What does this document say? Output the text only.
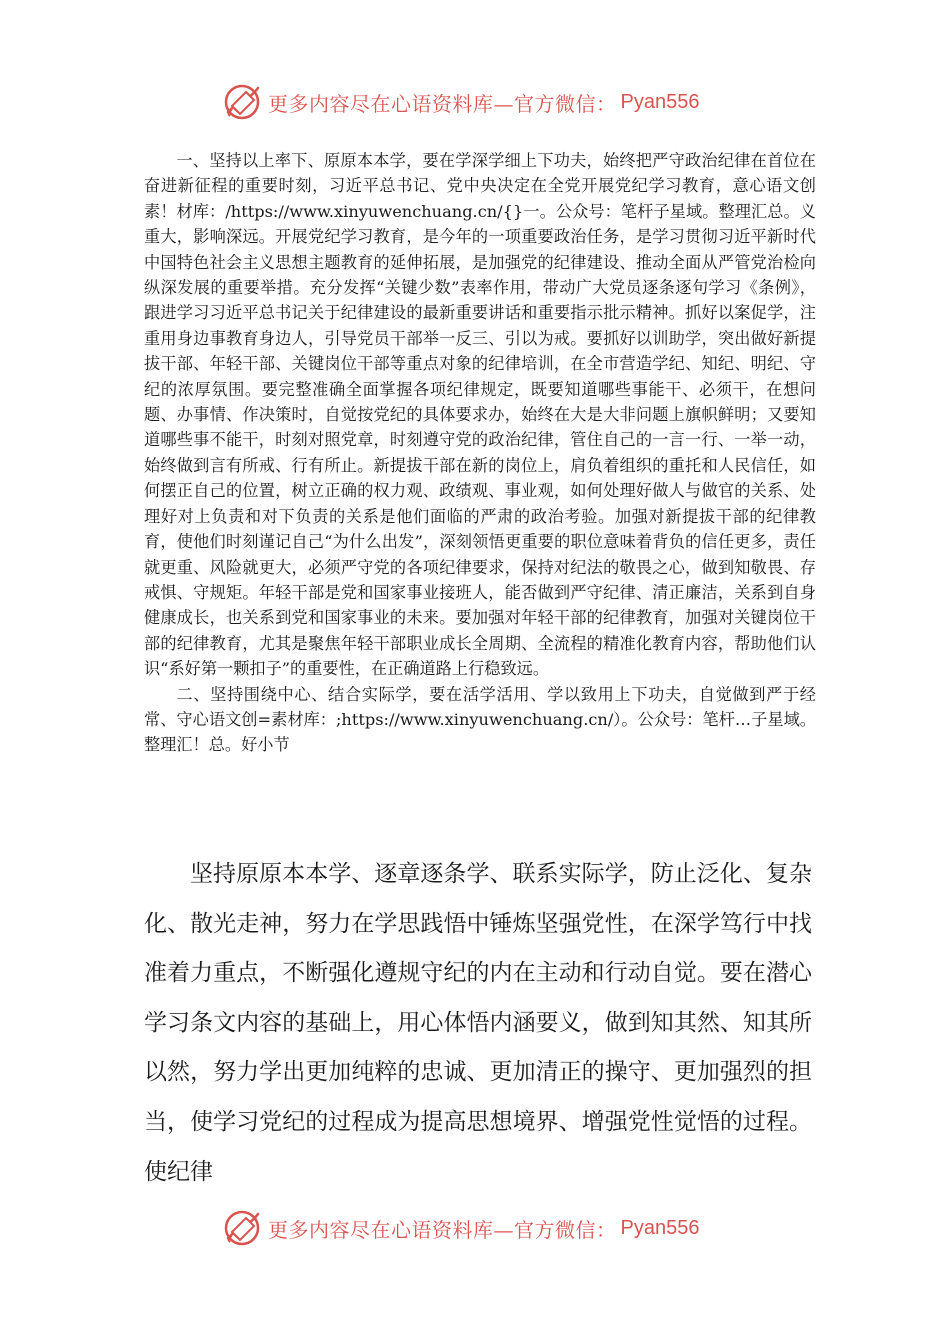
更多内容尽在心语资料库—官方微信： Pyan556

一、坚持以上率下、原原本本学，要在学深学细上下功夫，始终把严守政治纪律在首位在奋进新征程的重要时刻，习近平总书记、党中央决定在全党开展党纪学习教育，意心语文创素！材库：/https://www.xinyuwenchuang.cn/{}一。公众号：笔杆子星域。整理汇总。义重大，影响深远。开展党纪学习教育，是今年的一项重要政治任务，是学习贯彻习近平新时代中国特色社会主义思想主题教育的延伸拓展，是加强党的纪律建设、推动全面从严管党治检向纵深发展的重要举措。充分发挥“关键少数”表率作用，带动广大党员逐条逐句学习《条例》，跟进学习习近平总书记关于纪律建设的最新重要讲话和重要指示批示精神。抓好以案促学，注重用身边事教育身边人，引导党员干部举一反三、引以为戒。要抓好以训助学，突出做好新提拔干部、年轻干部、关键岗位干部等重点对象的纪律培训，在全市营造学纪、知纪、明纪、守纪的浓厚氛围。要完整准确全面掌握各项纪律规定，既要知道哪些事能干、必须干，在想问题、办事情、作决策时，自觉按党纪的具体要求办，始终在大是大非问题上旗帜鲜明；又要知道哪些事不能干，时刻对照党章，时刻遵守党的政治纪律，管住自己的一言一行、一举一动，始终做到言有所戒、行有所止。新提拔干部在新的岗位上，肩负着组织的重托和人民信任，如何摆正自己的位置，树立正确的权力观、政绩观、事业观，如何处理好做人与做官的关系、处理好对上负责和对下负责的关系是他们面临的严肃的政治考验。加强对新提拔干部的纪律教育，使他们时刻谨记自己“为什么出发”，深刻领悟更重要的职位意味着背负的信任更多，责任就更重、风险就更大，必须严守党的各项纪律要求，保持对纪法的敬畏之心，做到知敬畏、存戒惧、守规矩。年轻干部是党和国家事业接班人，能否做到严守纪律、清正廉洁，关系到自身健康成长，也关系到党和国家事业的未来。要加强对年轻干部的纪律教育，加强对关键岗位干部的纪律教育，尤其是聚焦年轻干部职业成长全周期、全流程的精准化教育内容，帮助他们认识“系好第一颗扣子”的重要性，在正确道路上行稳致远。

二、坚持围绕中心、结合实际学，要在活学活用、学以致用上下功夫，自觉做到严于经常、守心语文创=素材库：;https://www.xinyuwenchuang.cn/）。公众号：笔杆…子星域。整理汇！总。好小节

坚持原原本本学、逐章逐条学、联系实际学，防止泛化、复杂化、散光走神，努力在学思践悟中锤炼坚强党性，在深学笃行中找准着力重点，不断强化遵规守纪的内在主动和行动自觉。要在潜心学习条文内容的基础上，用心体悟内涵要义，做到知其然、知其所以然，努力学出更加纯粹的忠诚、更加清正的操守、更加强烈的担当，使学习党纪的过程成为提高思想境界、增强党性觉悟的过程。使纪律

更多内容尽在心语资料库—官方微信： Pyan556
